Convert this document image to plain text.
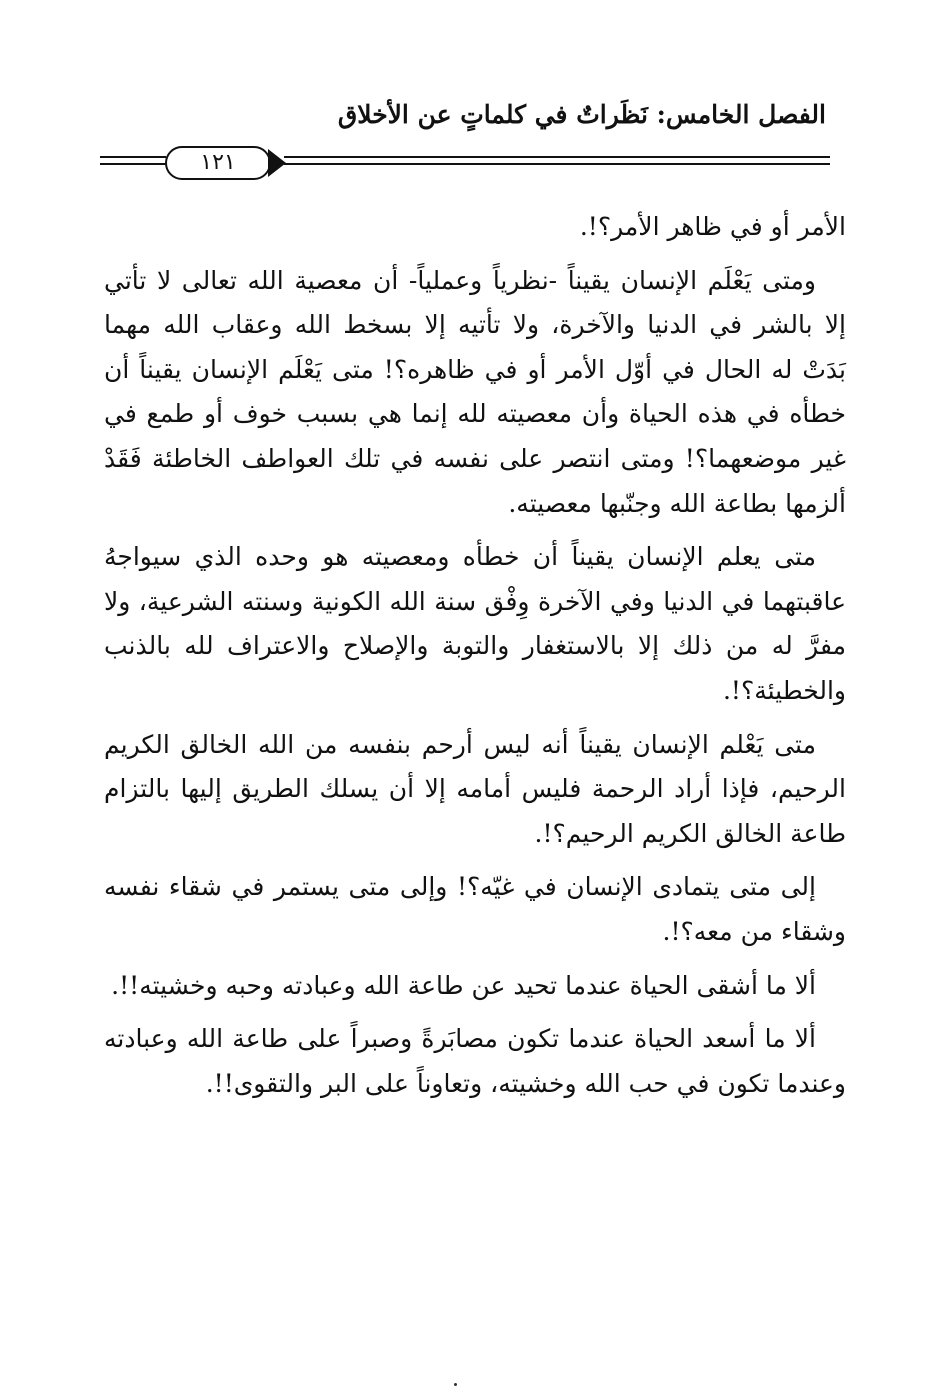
الفصل الخامس: نَظَراتٌ في كلماتٍ عن الأخلاق
١٢١

الأمر أو في ظاهر الأمر؟!.

ومتى يَعْلَم الإنسان يقيناً -نظرياً وعملياً- أن معصية الله تعالى لا تأتي إلا بالشر في الدنيا والآخرة، ولا تأتيه إلا بسخط الله وعقاب الله مهما بَدَتْ له الحال في أوّل الأمر أو في ظاهره؟! متى يَعْلَم الإنسان يقيناً أن خطأه في هذه الحياة وأن معصيته لله إنما هي بسبب خوف أو طمع في غير موضعهما؟! ومتى انتصر على نفسه في تلك العواطف الخاطئة فَقَدْ ألزمها بطاعة الله وجنّبها معصيته.

متى يعلم الإنسان يقيناً أن خطأه ومعصيته هو وحده الذي سيواجهُ عاقبتهما في الدنيا وفي الآخرة وِفْق سنة الله الكونية وسنته الشرعية، ولا مفرَّ له من ذلك إلا بالاستغفار والتوبة والإصلاح والاعتراف لله بالذنب والخطيئة؟!.

متى يَعْلم الإنسان يقيناً أنه ليس أرحم بنفسه من الله الخالق الكريم الرحيم، فإذا أراد الرحمة فليس أمامه إلا أن يسلك الطريق إليها بالتزام طاعة الخالق الكريم الرحيم؟!.

إلى متى يتمادى الإنسان في غيّه؟! وإلى متى يستمر في شقاء نفسه وشقاء من معه؟!.

ألا ما أشقى الحياة عندما تحيد عن طاعة الله وعبادته وحبه وخشيته!!.

ألا ما أسعد الحياة عندما تكون مصابَرةً وصبراً على طاعة الله وعبادته وعندما تكون في حب الله وخشيته، وتعاوناً على البر والتقوى!!.
